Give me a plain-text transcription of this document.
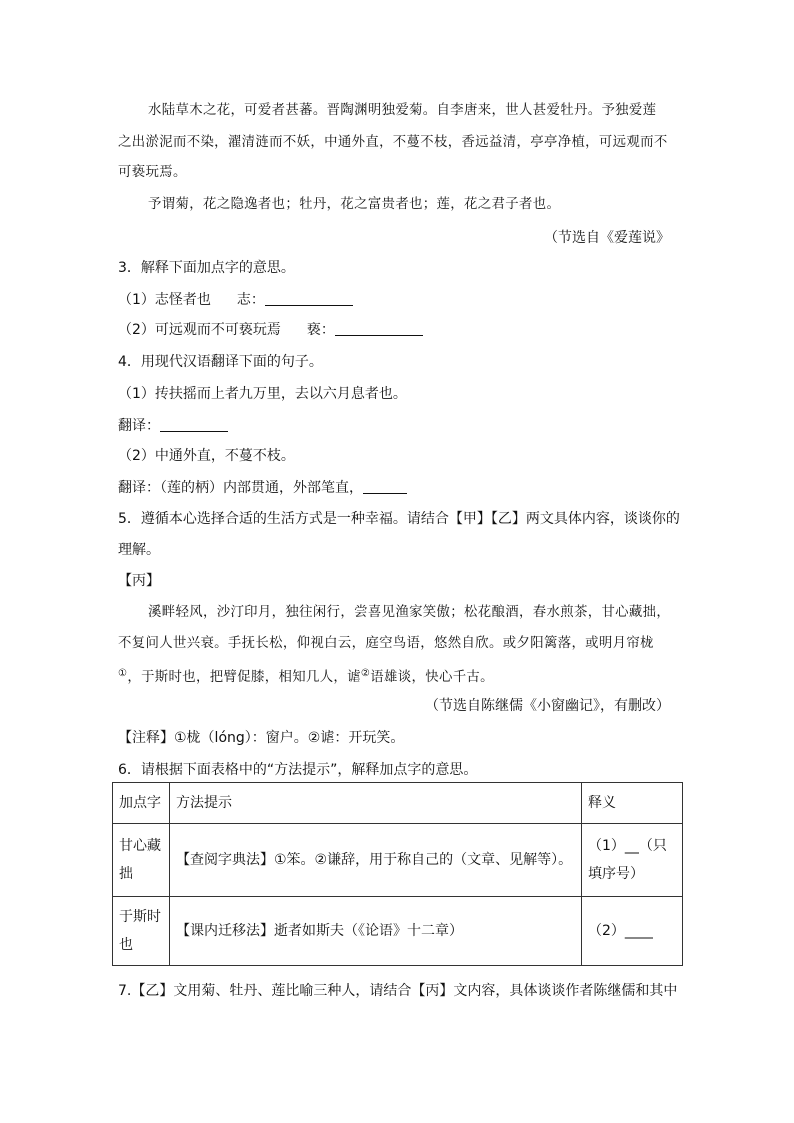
水陆草木之花，可爱者甚蕃。晋陶渊明独爱菊。自李唐来，世人甚爱牡丹。予独爱莲
之出淤泥而不染，濯清涟而不妖，中通外直，不蔓不枝，香远益清，亭亭净植，可远观而不
可亵玩焉。
予谓菊，花之隐逸者也；牡丹，花之富贵者也；莲，花之君子者也。
（节选自《爱莲说》
3．解释下面加点字的意思。
（1）志怪者也 志：
（2）可远观而不可亵玩焉 亵：
4．用现代汉语翻译下面的句子。
（1）抟扶摇而上者九万里，去以六月息者也。
翻译：
（2）中通外直，不蔓不枝。
翻译：（莲的柄）内部贯通，外部笔直，
5．遵循本心选择合适的生活方式是一种幸福。请结合【甲】【乙】两文具体内容，谈谈你的
理解。
【丙】
溪畔轻风，沙汀印月，独往闲行，尝喜见渔家笑傲；松花酿酒，春水煎茶，甘心藏拙，
不复问人世兴衰。手抚长松，仰视白云，庭空鸟语，悠然自欣。或夕阳篱落，或明月帘栊
①，于斯时也，把臂促膝，相知几人，谑②语雄谈，快心千古。
（节选自陈继儒《小窗幽记》，有删改）
【注释】①栊（lóng）：窗户。②谑：开玩笑。
6．请根据下面表格中的“方法提示”，解释加点字的意思。
加点字	方法提示	释义

甘心藏拙	【查阅字典法】①笨。②谦辞，用于称自己的（文章、见解等）。	（1）__（只填序号）

于斯时也	【课内迁移法】逝者如斯夫（《论语》十二章）	（2）____
7.【乙】文用菊、牡丹、莲比喻三种人，请结合【丙】文内容，具体谈谈作者陈继儒和其中
